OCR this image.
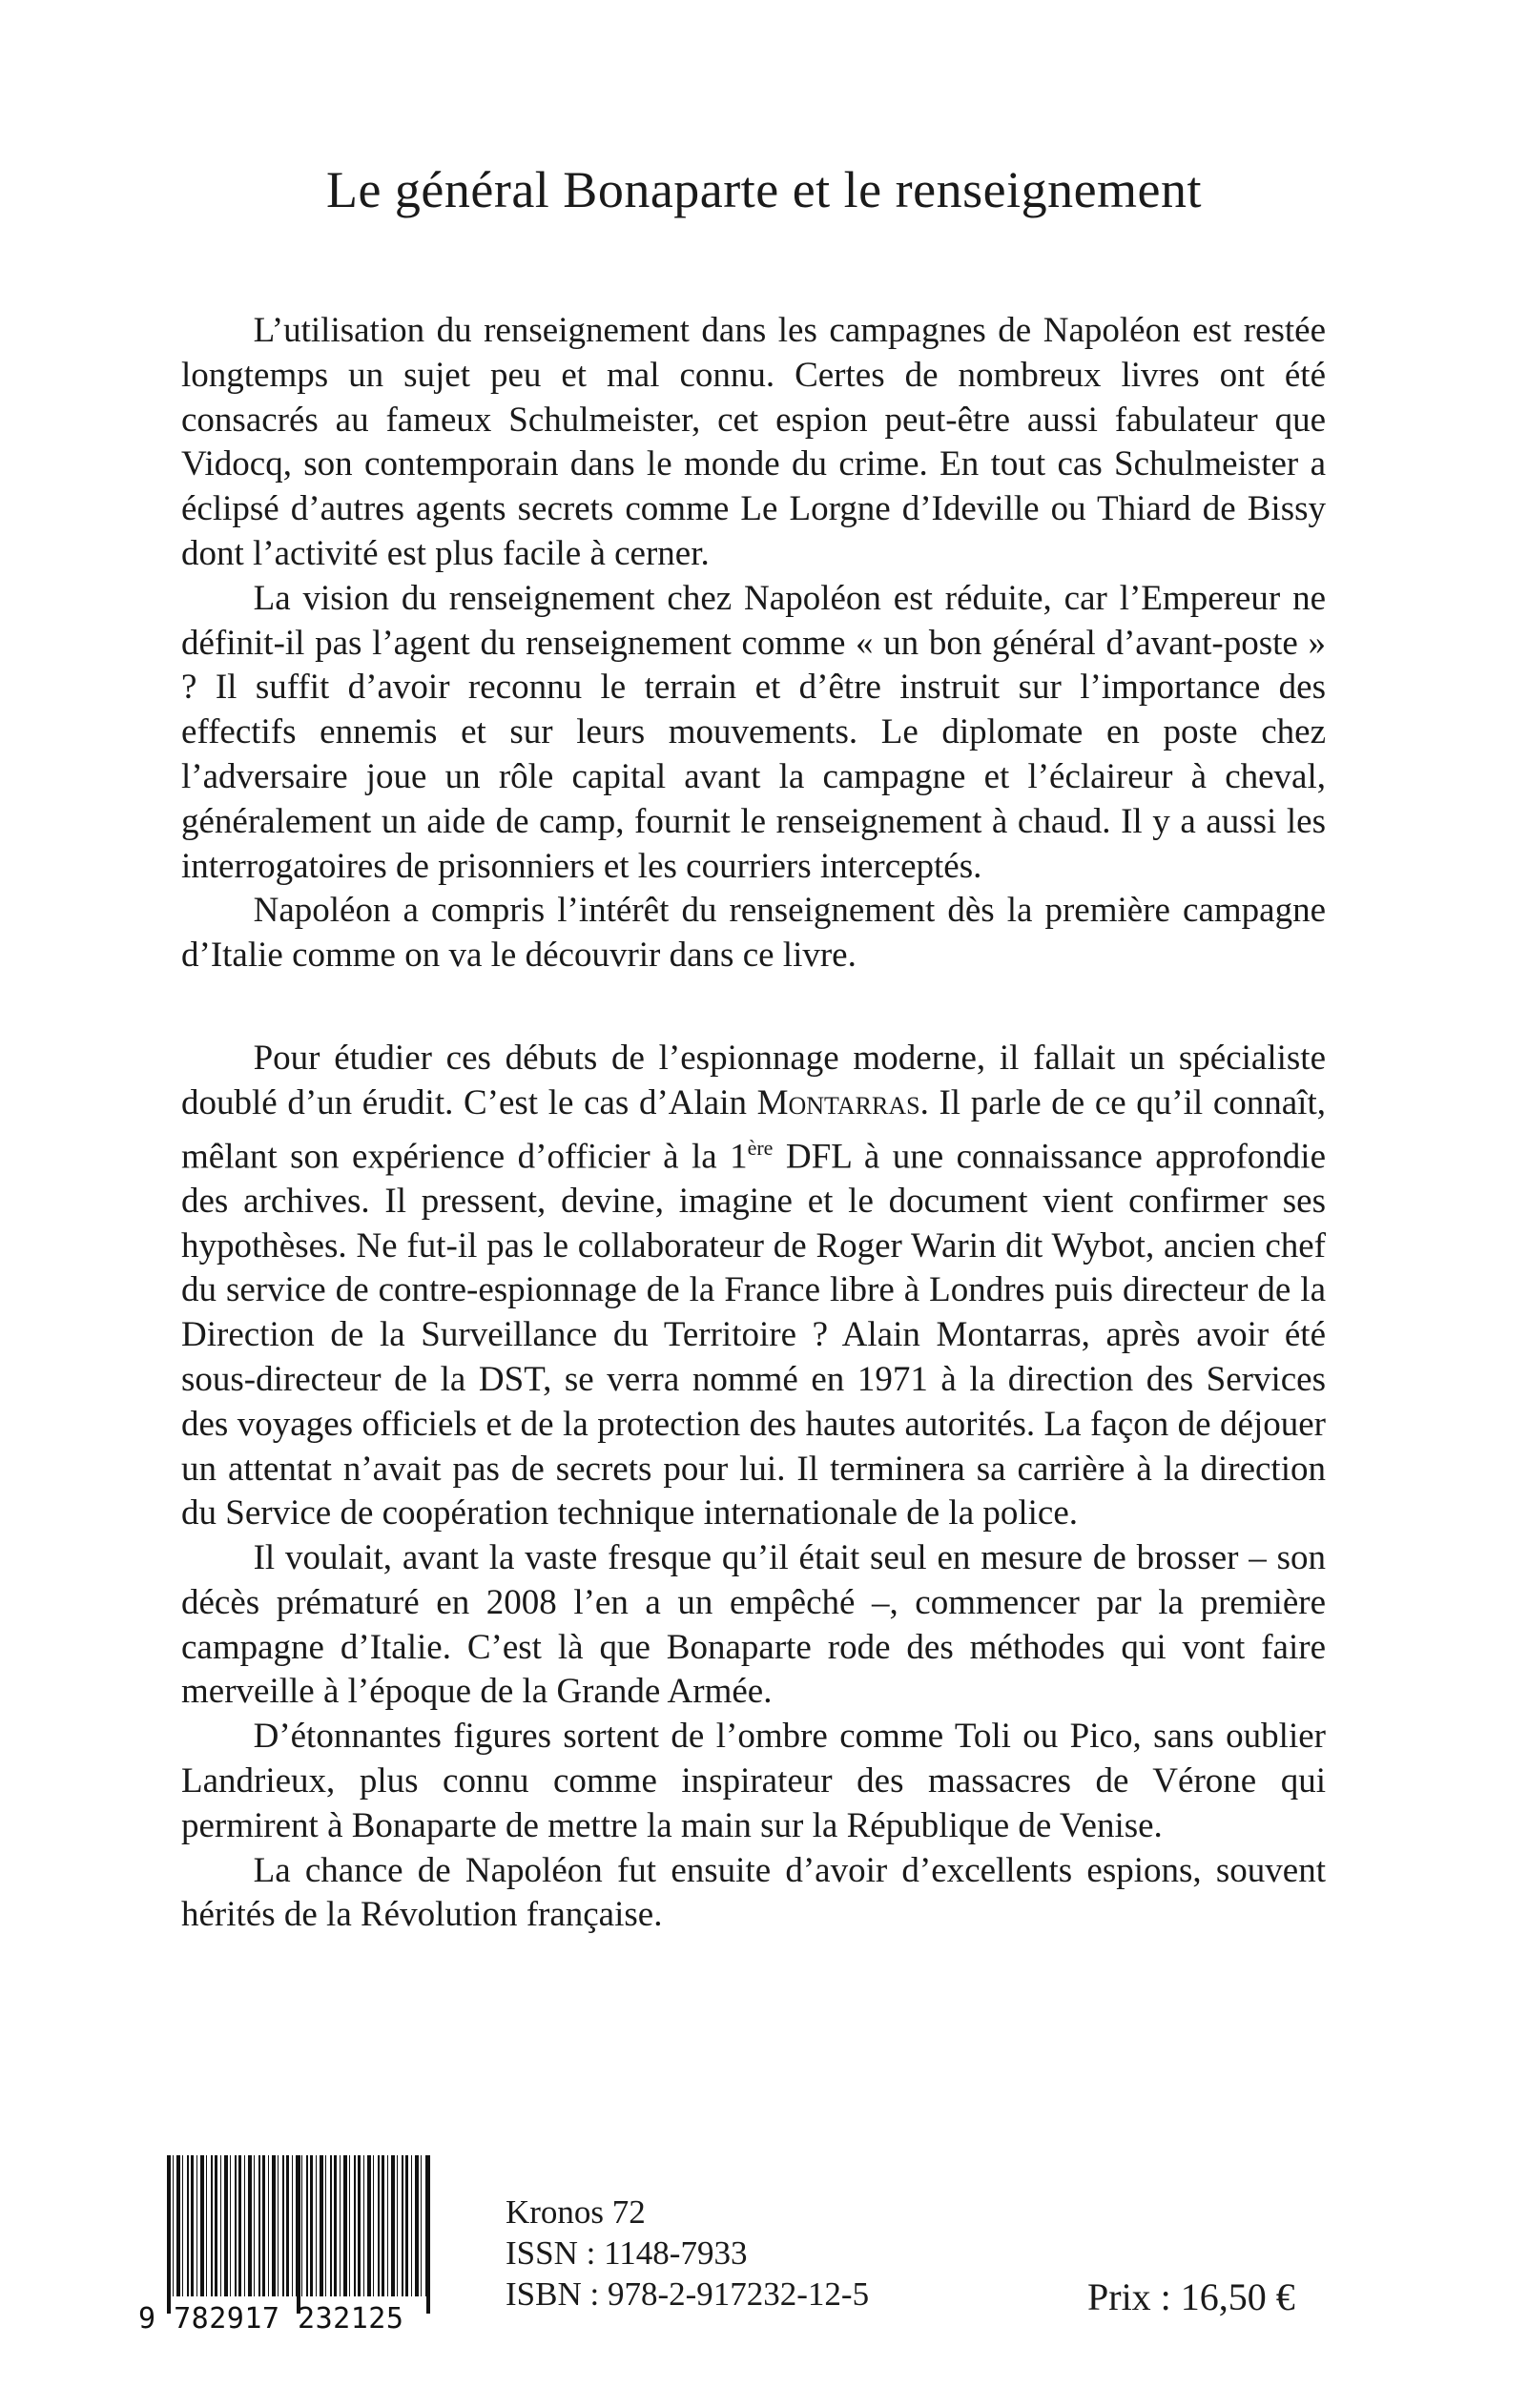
Le général Bonaparte et le renseignement

L’utilisation du renseignement dans les campagnes de Napoléon est restée longtemps un sujet peu et mal connu. Certes de nombreux livres ont été consacrés au fameux Schulmeister, cet espion peut-être aussi fabulateur que Vidocq, son contemporain dans le monde du crime. En tout cas Schulmeister a éclipsé d’autres agents secrets comme Le Lorgne d’Ideville ou Thiard de Bissy dont l’activité est plus facile à cerner.

La vision du renseignement chez Napoléon est réduite, car l’Empereur ne définit-il pas l’agent du renseignement comme « un bon général d’avant-poste » ? Il suffit d’avoir reconnu le terrain et d’être instruit sur l’importance des effectifs ennemis et sur leurs mouvements. Le diplomate en poste chez l’adversaire joue un rôle capital avant la campagne et l’éclaireur à cheval, généralement un aide de camp, fournit le renseignement à chaud. Il y a aussi les interrogatoires de prisonniers et les courriers interceptés.

Napoléon a compris l’intérêt du renseignement dès la première campagne d’Italie comme on va le découvrir dans ce livre.

Pour étudier ces débuts de l’espionnage moderne, il fallait un spécialiste doublé d’un érudit. C’est le cas d’Alain Montarras. Il parle de ce qu’il connaît, mêlant son expérience d’officier à la 1ère DFL à une connaissance approfondie des archives. Il pressent, devine, imagine et le document vient confirmer ses hypothèses. Ne fut-il pas le collaborateur de Roger Warin dit Wybot, ancien chef du service de contre-espionnage de la France libre à Londres puis directeur de la Direction de la Surveillance du Territoire ? Alain Montarras, après avoir été sous-directeur de la DST, se verra nommé en 1971 à la direction des Services des voyages officiels et de la protection des hautes autorités. La façon de déjouer un attentat n’avait pas de secrets pour lui. Il terminera sa carrière à la direction du Service de coopération technique internationale de la police.

Il voulait, avant la vaste fresque qu’il était seul en mesure de brosser – son décès prématuré en 2008 l’en a un empêché –, commencer par la première campagne d’Italie. C’est là que Bonaparte rode des méthodes qui vont faire merveille à l’époque de la Grande Armée.

D’étonnantes figures sortent de l’ombre comme Toli ou Pico, sans oublier Landrieux, plus connu comme inspirateur des massacres de Vérone qui permirent à Bonaparte de mettre la main sur la République de Venise.

La chance de Napoléon fut ensuite d’avoir d’excellents espions, souvent hérités de la Révolution française.

9 782917 232125
Kronos 72
ISSN : 1148-7933
ISBN : 978-2-917232-12-5	Prix : 16,50 €
